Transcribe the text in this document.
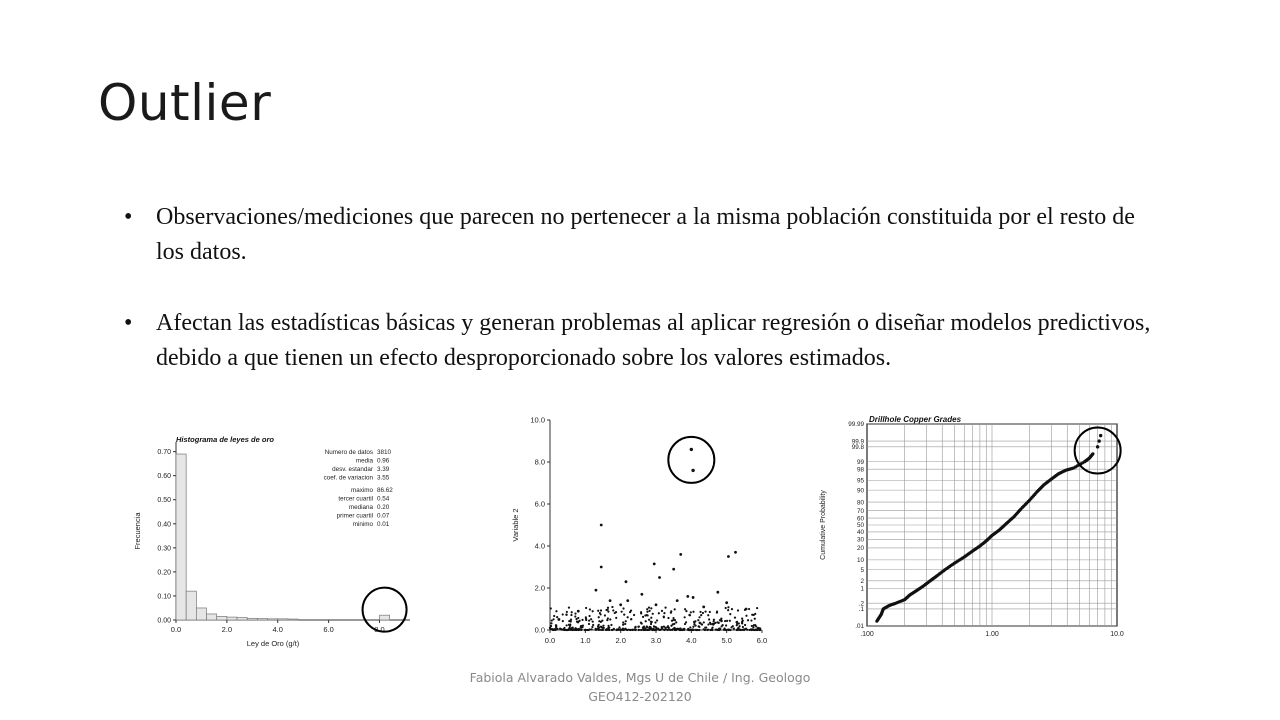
Outlier
• Observaciones/mediciones que parecen no pertenecer a la misma población constituida por el resto de los datos.
• Afectan las estadísticas básicas y generan problemas al aplicar regresión o diseñar modelos predictivos, debido a que tienen un efecto desproporcionado sobre los valores estimados.
0.0	2.0	4.0	6.0	8.0
0.00
0.10
0.20
0.30
0.40
0.50
0.60
0.70
Histograma de leyes de oro
Ley de Oro (g/t)
Frecuencia
Numero de datos 3810
media 0.96
desv. estandar 3.39
coef. de variacion 3.55
maximo 86.62
tercer cuartil 0.54
mediana 0.20
primer cuartil 0.07
minimo 0.01
0.0	1.0	2.0	3.0	4.0	5.0	6.0
0.0
2.0
4.0
6.0
8.0
10.0
Variable 2
.01
.1
.2
1
2
5
10
20
30
40
50
60
70
80
90
95
98
99
99.8
99.9
99.99
.100	1.00	10.0
Drillhole Copper Grades
Cumulative Probability
Fabiola Alvarado Valdes, Mgs U de Chile / Ing. Geologo
GEO412-202120
